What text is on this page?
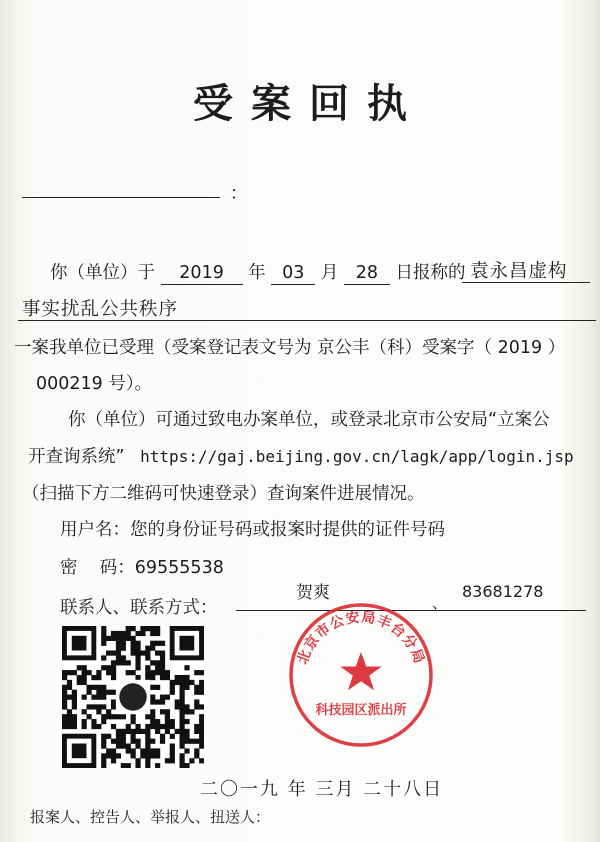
受案回执
：
你（单位）于 2019 年 03 月 28 日报称的 袁永昌虚构
事实扰乱公共秩序
一案我单位已受理（受案登记表文号为 京公丰（科）受案字（ 2019 ）
000219 号）。
你（单位）可通过致电办案单位，或登录北京市公安局“立案公
开查询系统” https://gaj.beijing.gov.cn/lagk/app/login.jsp
（扫描下方二维码可快速登录）查询案件进展情况。
用户名：您的身份证号码或报案时提供的证件号码
密    码：69555538
联系人、联系方式：
贺爽	、
83681278
北京市公安局丰台分局
科技园区派出所
二〇一九 年 三月 二十八日
报案人、控告人、举报人、扭送人：
